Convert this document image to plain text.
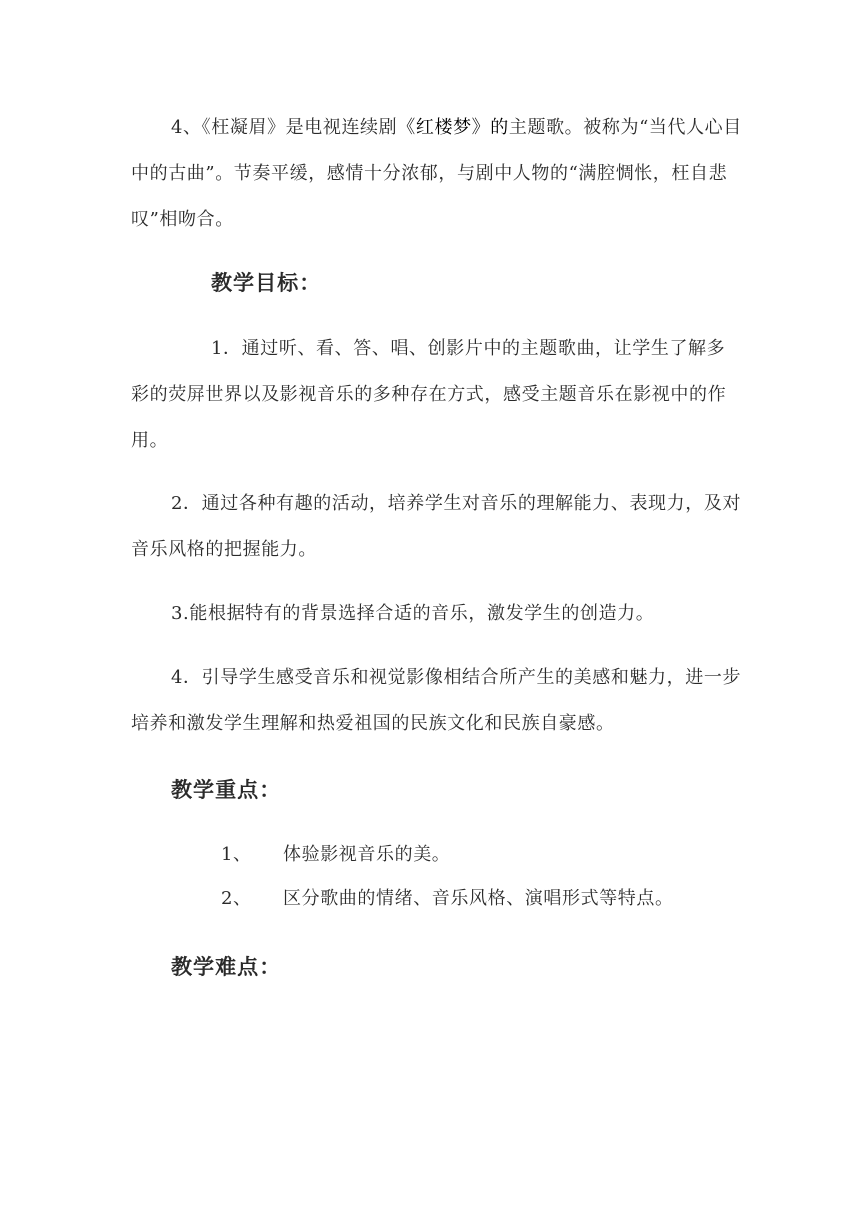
4、《枉凝眉》是电视连续剧《红楼梦》的主题歌。被称为“当代人心目中的古曲”。节奏平缓，感情十分浓郁，与剧中人物的“满腔惆怅，枉自悲叹”相吻合。

教学目标：

1．通过听、看、答、唱、创影片中的主题歌曲，让学生了解多彩的荧屏世界以及影视音乐的多种存在方式，感受主题音乐在影视中的作用。

2．通过各种有趣的活动，培养学生对音乐的理解能力、表现力，及对音乐风格的把握能力。

3.能根据特有的背景选择合适的音乐，激发学生的创造力。

4．引导学生感受音乐和视觉影像相结合所产生的美感和魅力，进一步培养和激发学生理解和热爱祖国的民族文化和民族自豪感。

教学重点：

1、 体验影视音乐的美。

2、 区分歌曲的情绪、音乐风格、演唱形式等特点。

教学难点：
